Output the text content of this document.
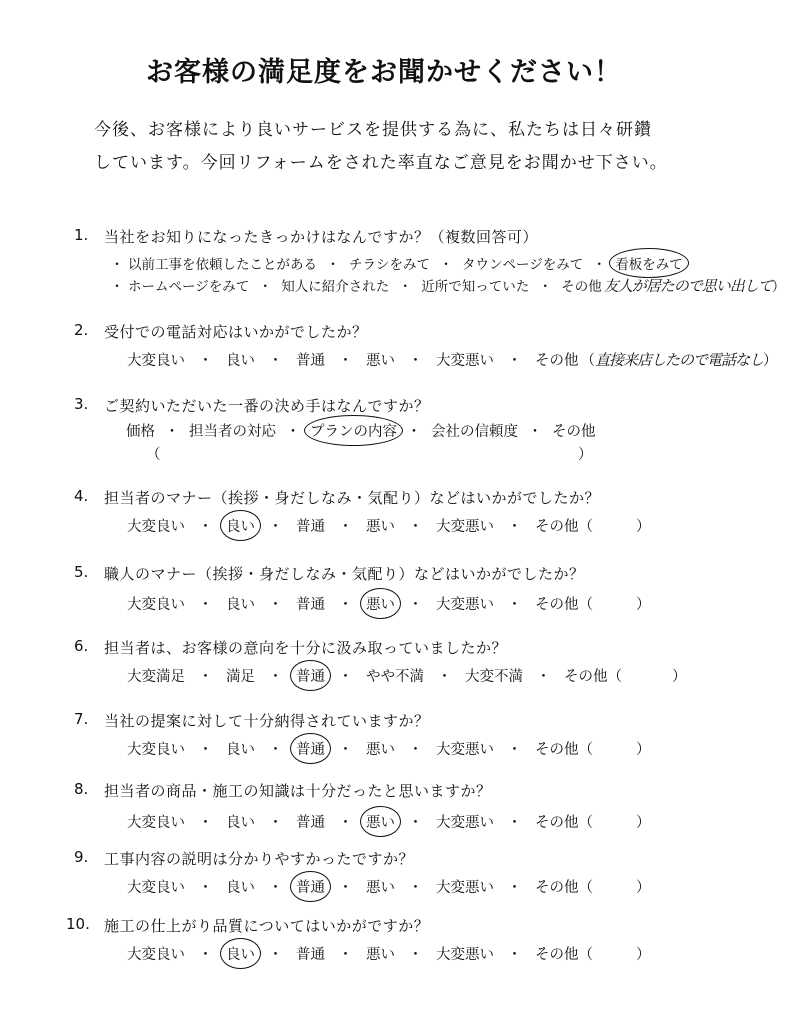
お客様の満足度をお聞かせください！
今後、お客様により良いサービスを提供する為に、私たちは日々研鑽
しています。今回リフォームをされた率直なご意見をお聞かせ下さい。
1. 当社をお知りになったきっかけはなんですか？（複数回答可）
・ 以前工事を依頼したことがある ・ チラシをみて ・ タウンページをみて ・ 看板をみて
・ ホームページをみて ・ 知人に紹介された ・ 近所で知っていた ・ その他 友人が居たので思い出して）
2. 受付での電話対応はいかがでしたか？
大変良い ・ 良い ・ 普通 ・ 悪い ・ 大変悪い ・ その他 （直接来店したので電話なし）
3. ご契約いただいた一番の決め手はなんですか？
価格 ・ 担当者の対応 ・ プランの内容 ・ 会社の信頼度 ・ その他
（	）
4. 担当者のマナー（挨拶・身だしなみ・気配り）などはいかがでしたか？
大変良い ・ 良い ・ 普通 ・ 悪い ・ 大変悪い ・ その他（	）
5. 職人のマナー（挨拶・身だしなみ・気配り）などはいかがでしたか？
大変良い ・ 良い ・ 普通 ・ 悪い ・ 大変悪い ・ その他（	）
6. 担当者は、お客様の意向を十分に汲み取っていましたか？
大変満足 ・ 満足 ・ 普通 ・ やや不満 ・ 大変不満 ・ その他（	）
7. 当社の提案に対して十分納得されていますか？
大変良い ・ 良い ・ 普通 ・ 悪い ・ 大変悪い ・ その他（	）
8. 担当者の商品・施工の知識は十分だったと思いますか？
大変良い ・ 良い ・ 普通 ・ 悪い ・ 大変悪い ・ その他（	）
9. 工事内容の説明は分かりやすかったですか？
大変良い ・ 良い ・ 普通 ・ 悪い ・ 大変悪い ・ その他（	）
10. 施工の仕上がり品質についてはいかがですか？
大変良い ・ 良い ・ 普通 ・ 悪い ・ 大変悪い ・ その他（	）
